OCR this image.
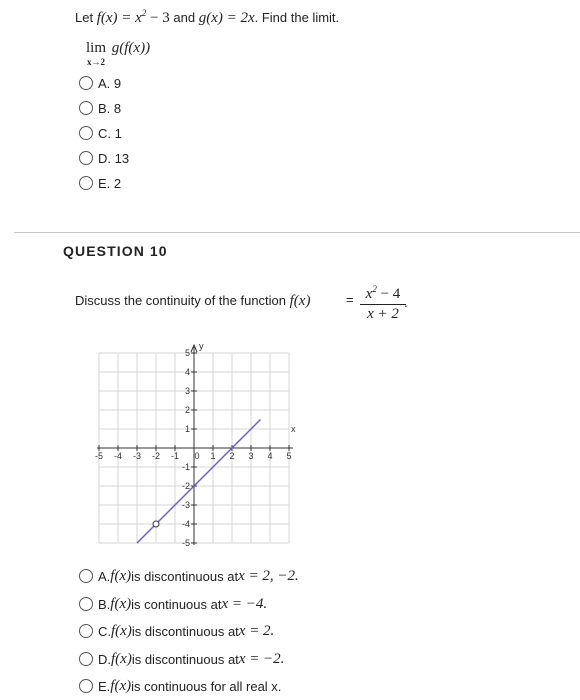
Let $f(x) = x^2 - 3$ and g(x) = 2x. Find the limit.
lim g(f(x))
x→2
A. 9
B. 8
C. 1
D. 13
E. 2
QUESTION 10
Discuss the continuity of the function f(x)	= $x^2 - 4$
x + 2
.
y
x
-5 -4 -3 -2 -1 0 1 2 3 4 5
5
4
3
2
1
-1
-2
-3
-4
-5
A. f(x) is discontinuous at x = 2, −2.
B. f(x) is continuous at x = −4.
C. f(x) is discontinuous at x = 2.
D. f(x) is discontinuous at x = −2.
E. f(x) is continuous for all real x.
